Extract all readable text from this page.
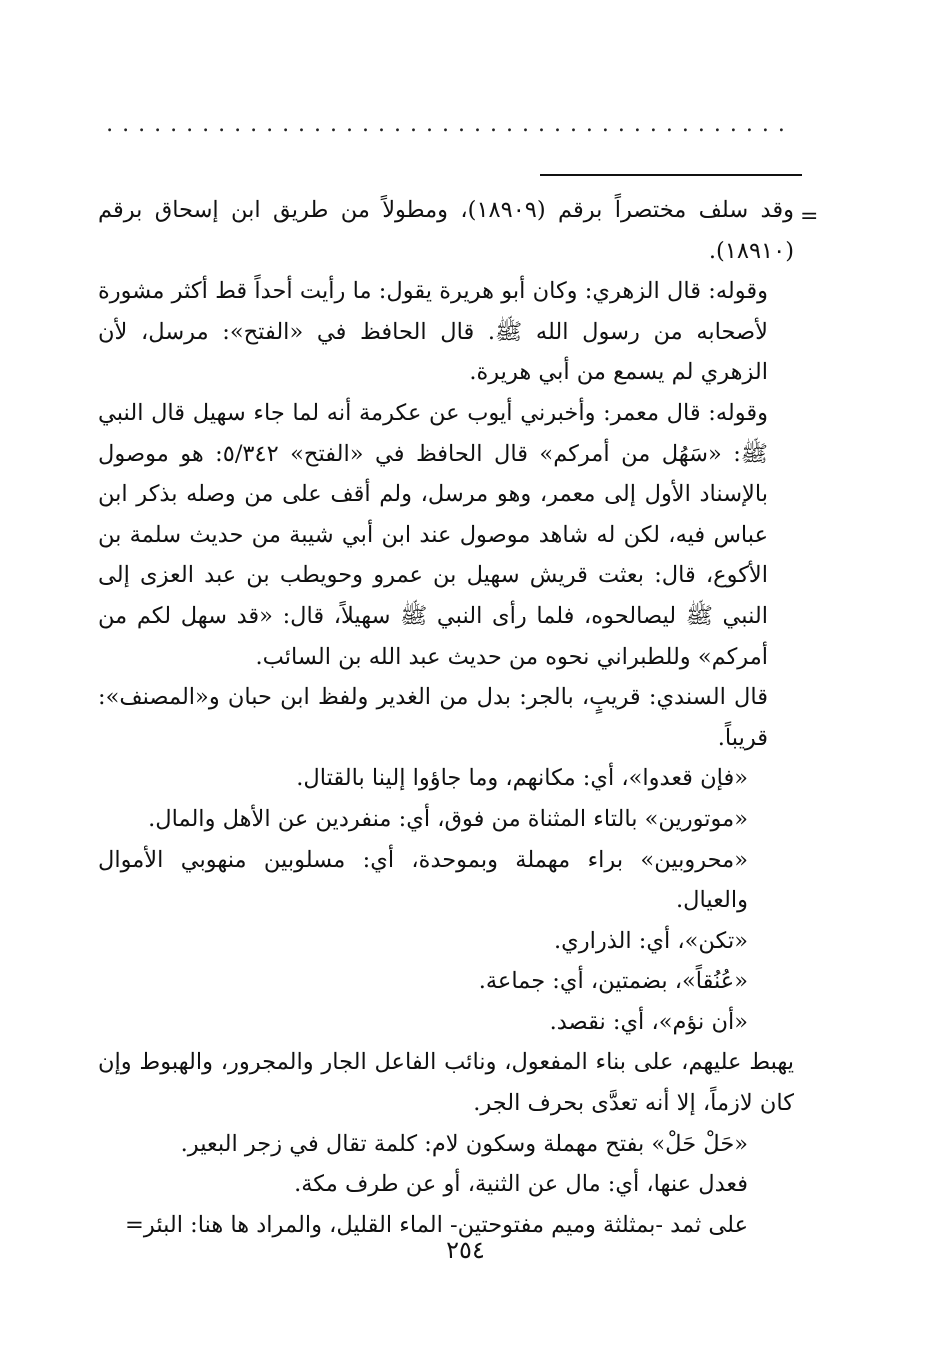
...........................................
=

وقد سلف مختصراً برقم (١٨٩٠٩)، ومطولاً من طريق ابن إسحاق برقم (١٨٩١٠).

وقوله: قال الزهري: وكان أبو هريرة يقول: ما رأيت أحداً قط أكثر مشورة لأصحابه من رسول الله ﷺ. قال الحافظ في «الفتح»: مرسل، لأن الزهري لم يسمع من أبي هريرة.

وقوله: قال معمر: وأخبرني أيوب عن عكرمة أنه لما جاء سهيل قال النبي ﷺ: «سَهُل من أمركم» قال الحافظ في «الفتح» ٥/٣٤٢: هو موصول بالإسناد الأول إلى معمر، وهو مرسل، ولم أقف على من وصله بذكر ابن عباس فيه، لكن له شاهد موصول عند ابن أبي شيبة من حديث سلمة بن الأكوع، قال: بعثت قريش سهيل بن عمرو وحويطب بن عبد العزى إلى النبي ﷺ ليصالحوه، فلما رأى النبي ﷺ سهيلاً، قال: «قد سهل لكم من أمركم» وللطبراني نحوه من حديث عبد الله بن السائب.

قال السندي: قريبٍ، بالجر: بدل من الغدير ولفظ ابن حبان و«المصنف»: قريباً.

«فإن قعدوا»، أي: مكانهم، وما جاؤوا إلينا بالقتال.

«موتورين» بالتاء المثناة من فوق، أي: منفردين عن الأهل والمال.

«محروبين» براء مهملة وبموحدة، أي: مسلوبين منهوبي الأموال والعيال.

«تكن»، أي: الذراري.

«عُنُقاً»، بضمتين، أي: جماعة.

«أن نؤم»، أي: نقصد.

يهبط عليهم، على بناء المفعول، ونائب الفاعل الجار والمجرور، والهبوط وإن كان لازماً، إلا أنه تعدَّى بحرف الجر.

«حَلْ حَلْ» بفتح مهملة وسكون لام: كلمة تقال في زجر البعير.

فعدل عنها، أي: مال عن الثنية، أو عن طرف مكة.

على ثمد -بمثلثة وميم مفتوحتين- الماء القليل، والمراد ها هنا: البئر=

٢٥٤
